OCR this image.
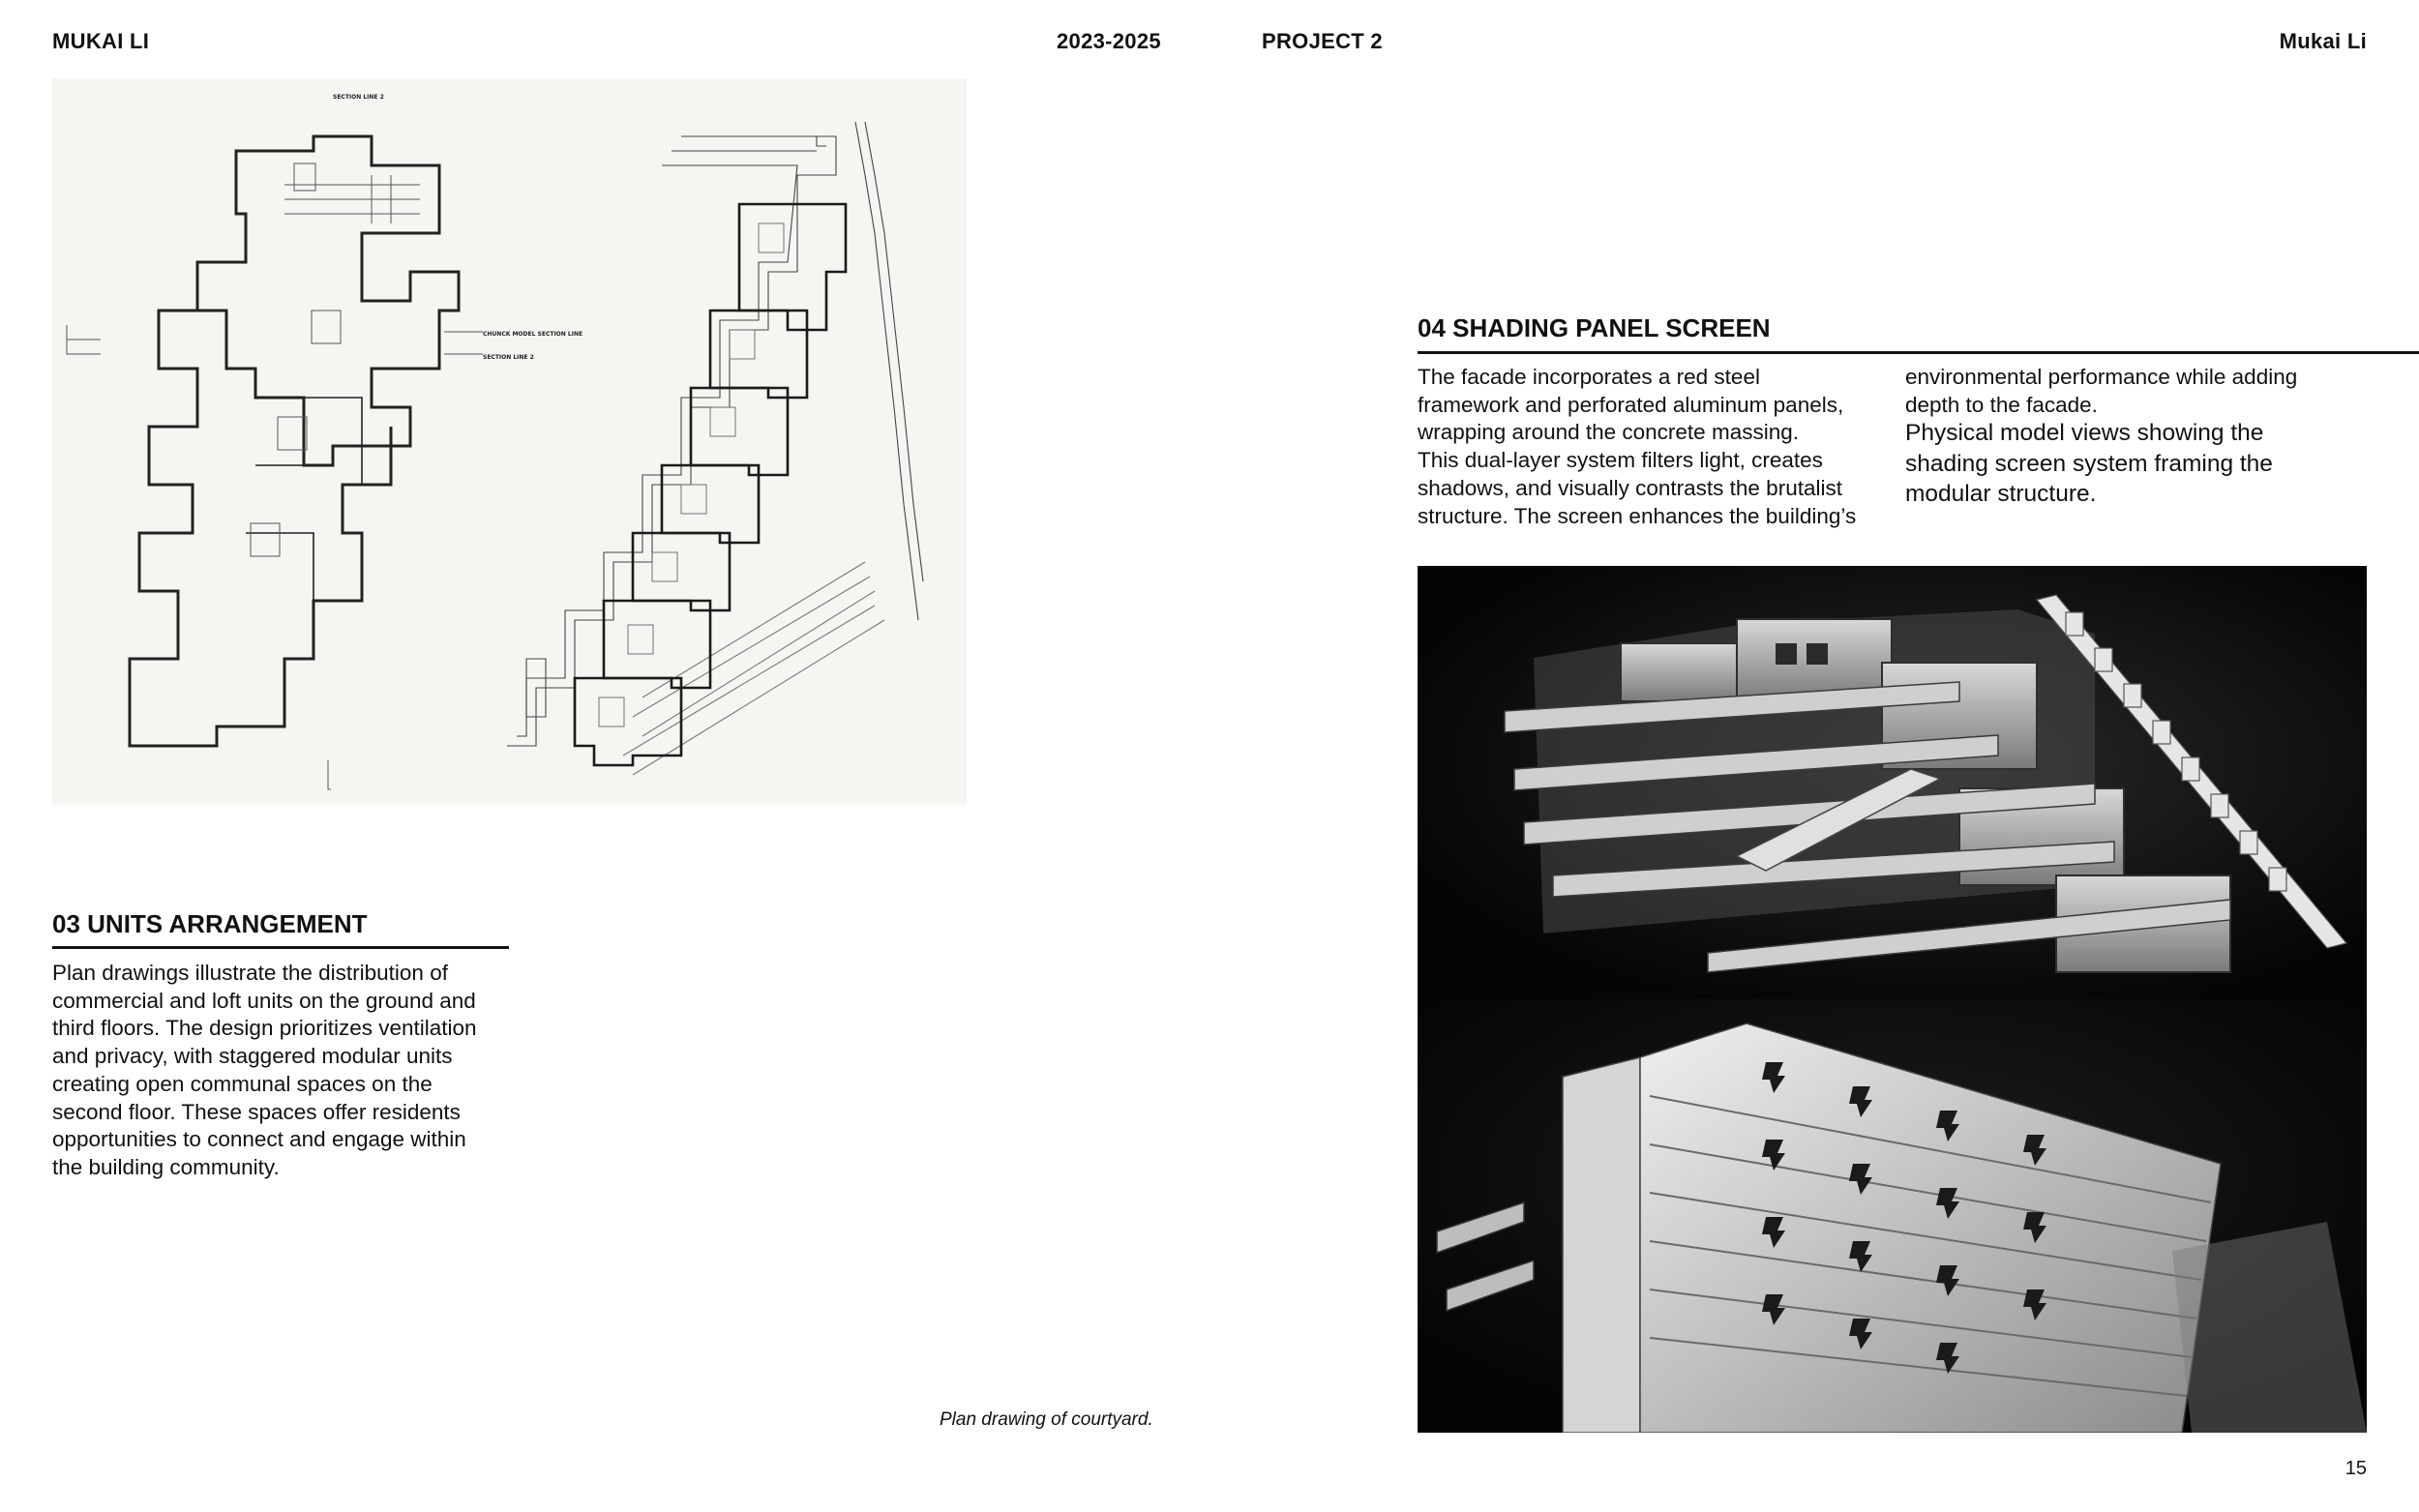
MUKAI LI	2023-2025	PROJECT 2	Mukai Li
SECTION LINE 2
CHUNCK MODEL SECTION LINE
SECTION LINE 2
03 UNITS ARRANGEMENT
Plan drawings illustrate the distribution of
commercial and loft units on the ground and
third floors. The design prioritizes ventilation
and privacy, with staggered modular units
creating open communal spaces on the
second floor. These spaces offer residents
opportunities to connect and engage within
the building community.
04 SHADING PANEL SCREEN
The facade incorporates a red steel
framework and perforated aluminum panels,
wrapping around the concrete massing.
This dual-layer system filters light, creates
shadows, and visually contrasts the brutalist
structure. The screen enhances the building’s
environmental performance while adding
depth to the facade.
Physical model views showing the
shading screen system framing the
modular structure.
Plan drawing of courtyard.
15
